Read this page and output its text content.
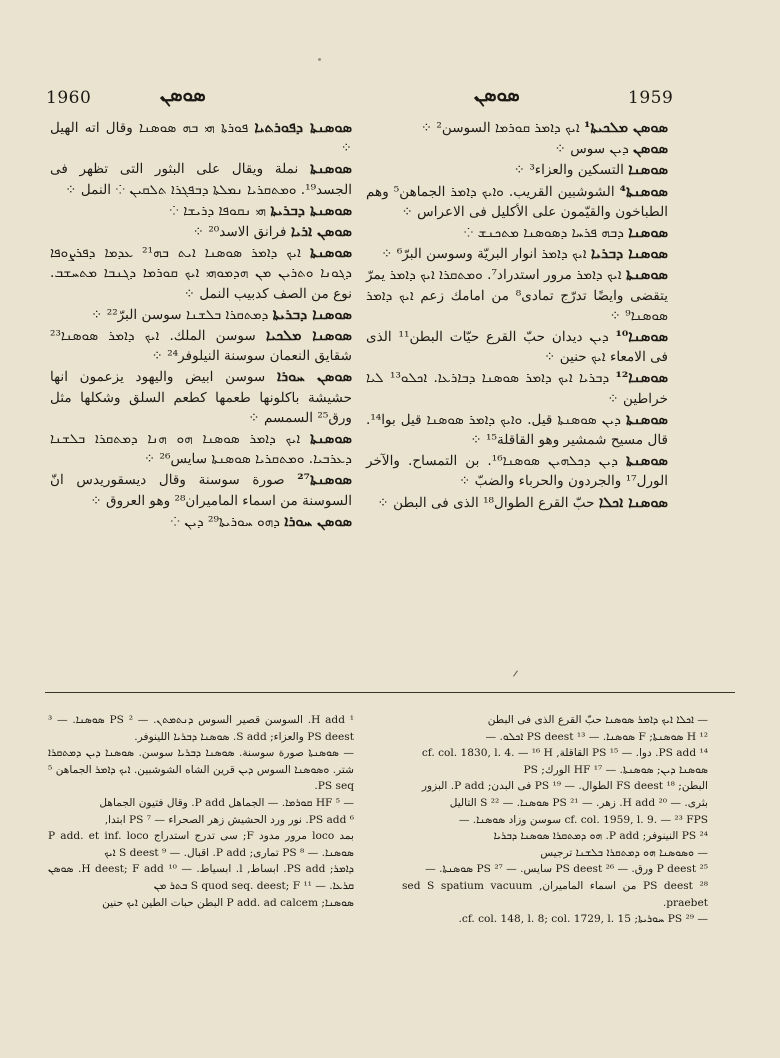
1960	ܣܘܣܢ	ܣܘܣܢ	1959
ܣܘܣܢܬܐ ܕܦܘܪܬܝܐ ܦܘܪܬܐ ܗܝ ܒܗ ܣܘܣܢܐ وقال اته الهيل ⁘
ܣܘܣܢܬܐ نملة ويقال على البثور التى تظهر فى الجسد¹⁹. ܘܡܬܩܪܝܐ ܢܡܠܬܐ ܕܒܦܓܪܐ ܬܠܩܝܢ ⁘ النمل ⁘
ܣܘܣܢܬܐ ܕܒܪܝܬܐ ܗܝ ܢܩܘܦܐ ܕܪܝܫܐ ⁘
ܣܘܣܢ ܐܪܝܐ فرانق الاسد²⁰ ⁘
ܣܘܣܢܬܐ ܐܝܟ ܕܐܡܪ ܣܘܣܢܐ ܐܝܬ ܒܗ²¹ ܥܕܡܐ ܕܦܪܨܘܦܐ ܕܓܘܢܐ ܘܬܪܝܢ ܡܢ ܗܕܡܘܗܝ ܐܝܟ ܩܘܪܡܐ ܕܓܢܒܐ ܡܬܚܫܒ. نوع من الصف كدبيب النمل ⁘
ܣܘܣܢܐ ܕܒܪܝܬܐ ܕܡܬܩܪܐ ܒܠܫܢܐ سوسن البرّ²² ⁘
ܣܘܣܢܐ ܡܠܟܝܐ سوسن الملك. ܐܝܟ ܕܐܡܪ ܣܘܣܢܐ²³ شقايق النعمان سوسنة النيلوفر²⁴ ⁘
ܣܘܣܢ ܚܘܪܐ سوسن ابيض واليهود يزعمون انها حشيشة باكلونها طعمها كطعم السلق وشكلها مثل ورق²⁵ السمسم ⁘
ܣܘܣܢܬܐ ܐܝܟ ܕܐܡܪ ܣܘܣܢܐ ܗܘ ܗܢܐ ܕܡܬܩܪܐ ܒܠܫܢܐ ܕܥܪܒܝܐ. ܘܡܬܩܪܝܐ ܣܘܣܢܬܐ سايس²⁶ ⁘
ܣܘܣܢܬܐ²⁷ صورة سوسنة وقال ديسقوريدس انّ السوسنة من اسماء الماميران²⁸ وهو العروق ⁘
ܣܘܣܢ ܚܘܪܐ ܕܗܘ ܚܘܪܝܬܐ²⁹ ܕܝܢ ⁘
ܣܘܣܢ ܡܠܟܝܬܐ¹ ܐܝܟ ܕܐܡܪ ܩܘܪܡܐ السوسن² ⁘
ܣܘܣܢ ܕܝܢ سوس ⁘
ܣܘܣܢܐ التسكين والعزاء³ ⁘
ܣܘܣܢܬܐ⁴ الشوشبين القريب. ܘܐܝܟ ܕܐܡܪ الجماهن⁵ وهم الطباخون والقيّمون على الأكليل فى الاعراس ⁘
ܣܘܣܢܐ ܕܒܗ ܦܪܚܐ ܕܣܘܣܢܐ ܡܬܟܢܫ ⁘
ܣܘܣܢܐ ܕܒܪܝܐ ܐܝܟ ܕܐܡܪ انوار البريّة وسوسن البرّ⁶ ⁘
ܣܘܣܢܬܐ ܐܝܟ ܕܐܡܪ مرور استدراد⁷. ܘܡܬܩܪܐ ܐܝܟ ܕܐܡܪ يمرّ يتقضى وايضًا تدرّج تمادى⁸ من امامك زعم ܐܝܟ ܕܐܡܪ ܣܘܣܢܐ⁹ ⁘
ܣܘܣܢܐ¹⁰ ܕܝܢ ديدان حبّ القرع حيّات البطن¹¹ الذى فى الامعاء ܐܝܟ حنين ⁘
ܣܘܣܢܐ¹² ܕܒܪܝܐ ܐܝܟ ܕܐܡܪ ܣܘܣܢܐ ܕܒܐܪܥܐ. ܐܟܠܘ¹³ ܠܝܐ خراطين ⁘
ܣܘܣܢܬܐ ܕܝܢ ܣܘܣܢܬܐ قيل. ܘܐܝܟ ܕܐܡܪ ܣܘܣܢܐ قيل بوا¹⁴. قال مسيح شمشير وهو القاقلة¹⁵ ⁘
ܣܘܣܢܬܐ ܕܝܢ ܕܟܠܗܝܢ ܣܘܣܢܐ¹⁶. بن التمساح. والآخر الورل¹⁷ والجردون والحرباء والضبّ ⁘
ܣܘܣܢܐ ܐܟܠܐ حبّ القرع الطوال¹⁸ الذى فى البطن ⁘
¹ H add. السوسن قصير السوس ܕܢܬܡܬܢ. — ² PS ܣܘܣܢܐ. — ³ PS deest والعزاء; S add. ܣܘܣܢܐ ܕܒܪܝܐ اللينوفر.
— ܣܘܣܢܬܐ صورة سوسنة. ܣܘܣܢܐ ܕܒܪܝܐ سوسن. ܣܘܣܢܐ ܕܝܢ ܕܡܬܩܪܐ شتر. ܘܣܘܣܢܐ السوس ܕܝܢ قرين الشاه الشوشبين. ܐܝܟ ܕܐܡܪ الجماهن ⁵ PS seq.
— ⁵ HF ܩܘܪܡܐ. — الجماهل P add. وقال فتيون الجماهل
⁶ PS add. نور ورد الحشيش زهر الصحراء — ⁷ PS ابتدا,
بمد loco مرور مدود F; سى تدرج استدراج P add. et inf. loco ܣܘܣܢܐ. — ⁸ PS تمارى; P add. اقبال. — ⁹ S deest ܐܝܟ
ܕܐܡܪ; PS add. ابساط, l. ابسياط. — ¹⁰ H deest; F add. ܣܘܣܢ ܩܪܥܐ. — ¹¹ S quod seq. deest; F ܒܬܪ ܡܢ
ܣܘܣܢܐ; P add. ad calcem البطن حبات الطين ܐܝܟ حنين
— ܐܟܠܐ ܐܝܟ ܕܐܡܪ ܣܘܣܢܐ حبّ القرع الذى فى البطن
¹² H ܣܘܣܢܬܐ; F ܣܘܣܢܐ. — ¹³ PS deest ܐܟܠܘ. —
¹⁴ PS add. دوا. — ¹⁵ PS القاقلة, cf. col. 1830, l. 4. — ¹⁶ H
ܣܘܣܢܐ ܕܝܢ; ܣܘܣܢܬܐ. — ¹⁷ HF الورك; PS
البطن; ¹⁸ FS deest الطوال. — ¹⁹ PS فى البدن; P add. البزور
بثرى. — ²⁰ H add. زهر. — ²¹ PS ܣܘܣܢܐ. — ²² S التاليل
cf. col. 1959, l. 9. — ²³ FPS سوسن وزاد ܣܘܣܢܐ. —
²⁴ PS النينوفر; P add. ܗܘ ܕܡܬܩܪܐ ܣܘܣܢܐ ܕܒܪܝܐ
— ܘܣܘܣܢܐ ܗܘ ܕܡܬܩܪܐ ܒܠܫܢܐ ترجيس
²⁵ P deest ورق. — ²⁶ PS deest سايس. — ²⁷ PS ܣܘܣܢܬܐ. —
²⁸ PS deest من اسماء الماميران, sed S spatium vacuum praebet.
— ²⁹ PS ܚܘܪܝܬܐ; cf. col. 148, l. 8; col. 1729, l. 15.
